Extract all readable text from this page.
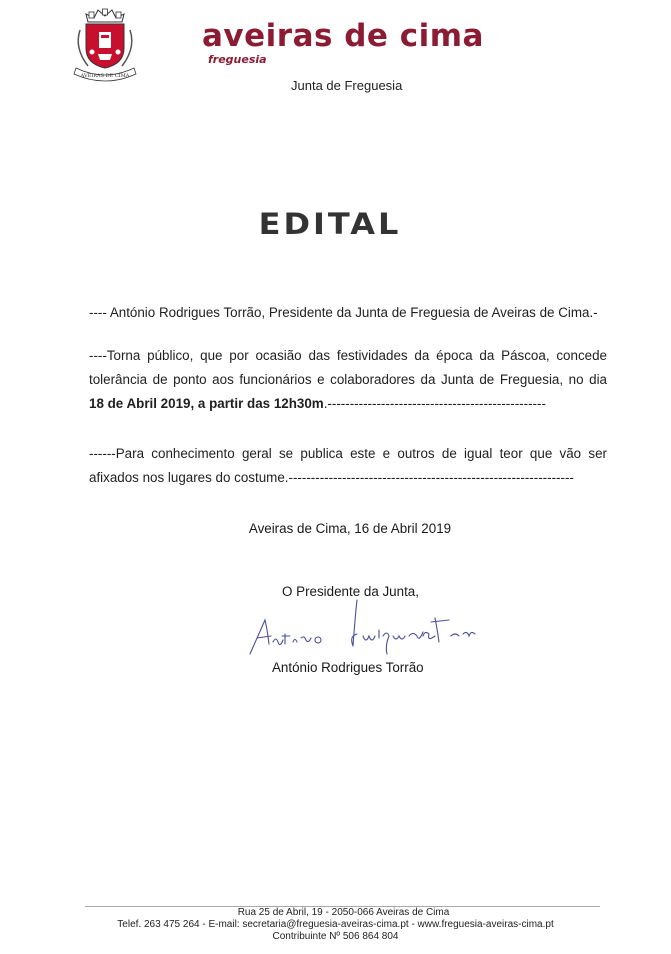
AVEIRAS DE CIMA
aveiras de cima
freguesia
Junta de Freguesia
EDITAL
---- António Rodrigues Torrão, Presidente da Junta de Freguesia de Aveiras de Cima.-
----Torna público, que por ocasião das festividades da época da Páscoa, concede
tolerância de ponto aos funcionários e colaboradores da Junta de Freguesia, no dia
18 de Abril 2019, a partir das 12h30m.-------------------------------------------------
------Para conhecimento geral se publica este e outros de igual teor que vão ser
afixados nos lugares do costume.----------------------------------------------------------------
Aveiras de Cima, 16 de Abril 2019
O Presidente da Junta,
António Rodrigues Torrão
Rua 25 de Abril, 19 - 2050-066 Aveiras de Cima
Telef. 263 475 264 - E-mail: secretaria@freguesia-aveiras-cima.pt - www.freguesia-aveiras-cima.pt
Contribuinte Nº 506 864 804
